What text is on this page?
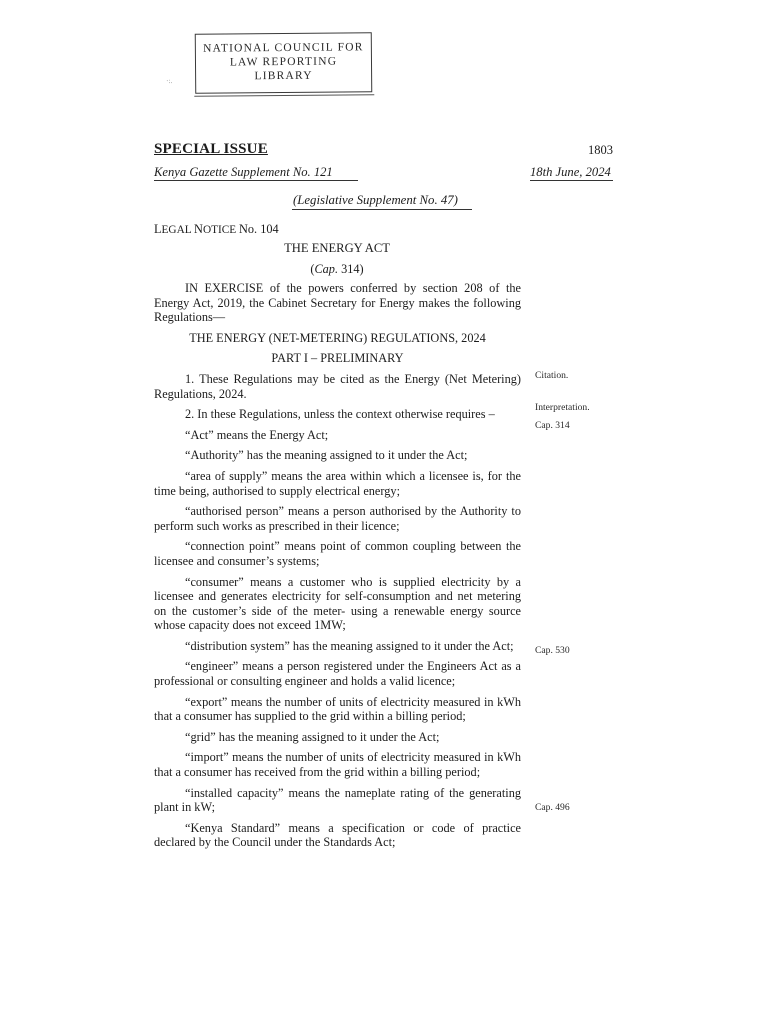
NATIONAL COUNCIL FOR
LAW REPORTING
·:.	LIBRARY
SPECIAL ISSUE	1803
Kenya Gazette Supplement No. 121	18th June, 2024
(Legislative Supplement No. 47)
LEGAL NOTICE No. 104
THE ENERGY ACT
(Cap. 314)

IN EXERCISE of the powers conferred by section 208 of the Energy Act, 2019, the Cabinet Secretary for Energy makes the following Regulations—

THE ENERGY (NET-METERING) REGULATIONS, 2024

PART I – PRELIMINARY

1. These Regulations may be cited as the Energy (Net Metering) Regulations, 2024.

2. In these Regulations, unless the context otherwise requires –

“Act” means the Energy Act;

“Authority” has the meaning assigned to it under the Act;

“area of supply” means the area within which a licensee is, for the time being, authorised to supply electrical energy;

“authorised person” means a person authorised by the Authority to perform such works as prescribed in their licence;

“connection point” means point of common coupling between the licensee and consumer’s systems;

“consumer” means a customer who is supplied electricity by a licensee and generates electricity for self-consumption and net metering on the customer’s side of the meter- using a renewable energy source whose capacity does not exceed 1MW;

“distribution system” has the meaning assigned to it under the Act;

“engineer” means a person registered under the Engineers Act as a professional or consulting engineer and holds a valid licence;

“export” means the number of units of electricity measured in kWh that a consumer has supplied to the grid within a billing period;

“grid” has the meaning assigned to it under the Act;

“import” means the number of units of electricity measured in kWh that a consumer has received from the grid within a billing period;

“installed capacity” means the nameplate rating of the generating plant in kW;

“Kenya Standard” means a specification or code of practice declared by the Council under the Standards Act;

Citation.
Interpretation.
Cap. 314
Cap. 530
Cap. 496
